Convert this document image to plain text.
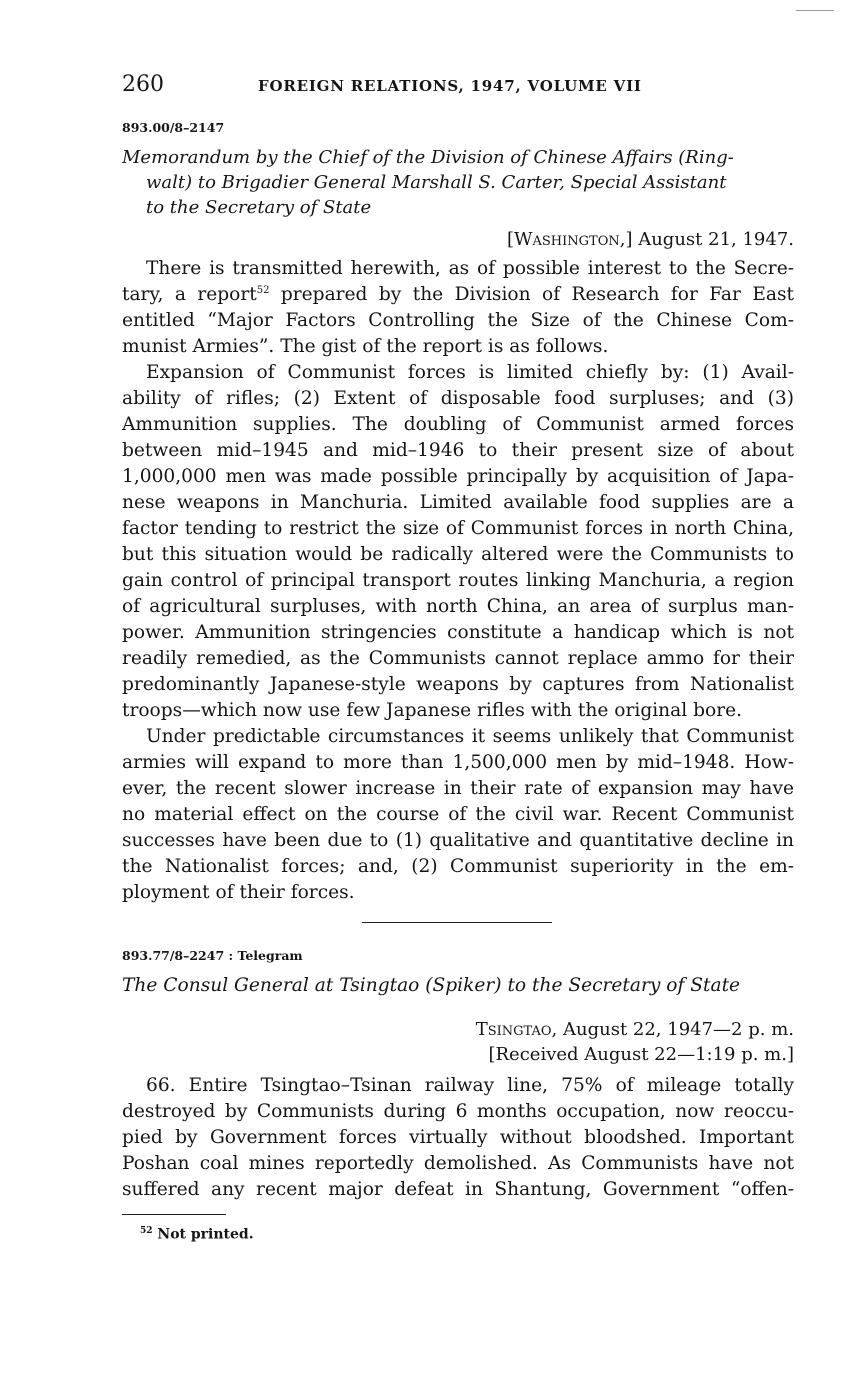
260	FOREIGN RELATIONS, 1947, VOLUME VII
893.00/8–2147
Memorandum by the Chief of the Division of Chinese Affairs (Ring-
walt) to Brigadier General Marshall S. Carter, Special Assistant
to the Secretary of State
[Washington,] August 21, 1947.
There is transmitted herewith, as of possible interest to the Secre-
tary, a report$^{52}$ prepared by the Division of Research for Far East
entitled “Major Factors Controlling the Size of the Chinese Com-
munist Armies”. The gist of the report is as follows.
Expansion of Communist forces is limited chiefly by: (1) Avail-
ability of rifles; (2) Extent of disposable food surpluses; and (3)
Ammunition supplies. The doubling of Communist armed forces
between mid–1945 and mid–1946 to their present size of about
1,000,000 men was made possible principally by acquisition of Japa-
nese weapons in Manchuria. Limited available food supplies are a
factor tending to restrict the size of Communist forces in north China,
but this situation would be radically altered were the Communists to
gain control of principal transport routes linking Manchuria, a region
of agricultural surpluses, with north China, an area of surplus man-
power. Ammunition stringencies constitute a handicap which is not
readily remedied, as the Communists cannot replace ammo for their
predominantly Japanese-style weapons by captures from Nationalist
troops—which now use few Japanese rifles with the original bore.
Under predictable circumstances it seems unlikely that Communist
armies will expand to more than 1,500,000 men by mid–1948. How-
ever, the recent slower increase in their rate of expansion may have
no material effect on the course of the civil war. Recent Communist
successes have been due to (1) qualitative and quantitative decline in
the Nationalist forces; and, (2) Communist superiority in the em-
ployment of their forces.
893.77/8–2247 : Telegram
The Consul General at Tsingtao (Spiker) to the Secretary of State
Tsingtao, August 22, 1947—2 p. m.
[Received August 22—1:19 p. m.]
66. Entire Tsingtao–Tsinan railway line, 75% of mileage totally
destroyed by Communists during 6 months occupation, now reoccu-
pied by Government forces virtually without bloodshed. Important
Poshan coal mines reportedly demolished. As Communists have not
suffered any recent major defeat in Shantung, Government “offen-
$^{52}$ Not printed.
